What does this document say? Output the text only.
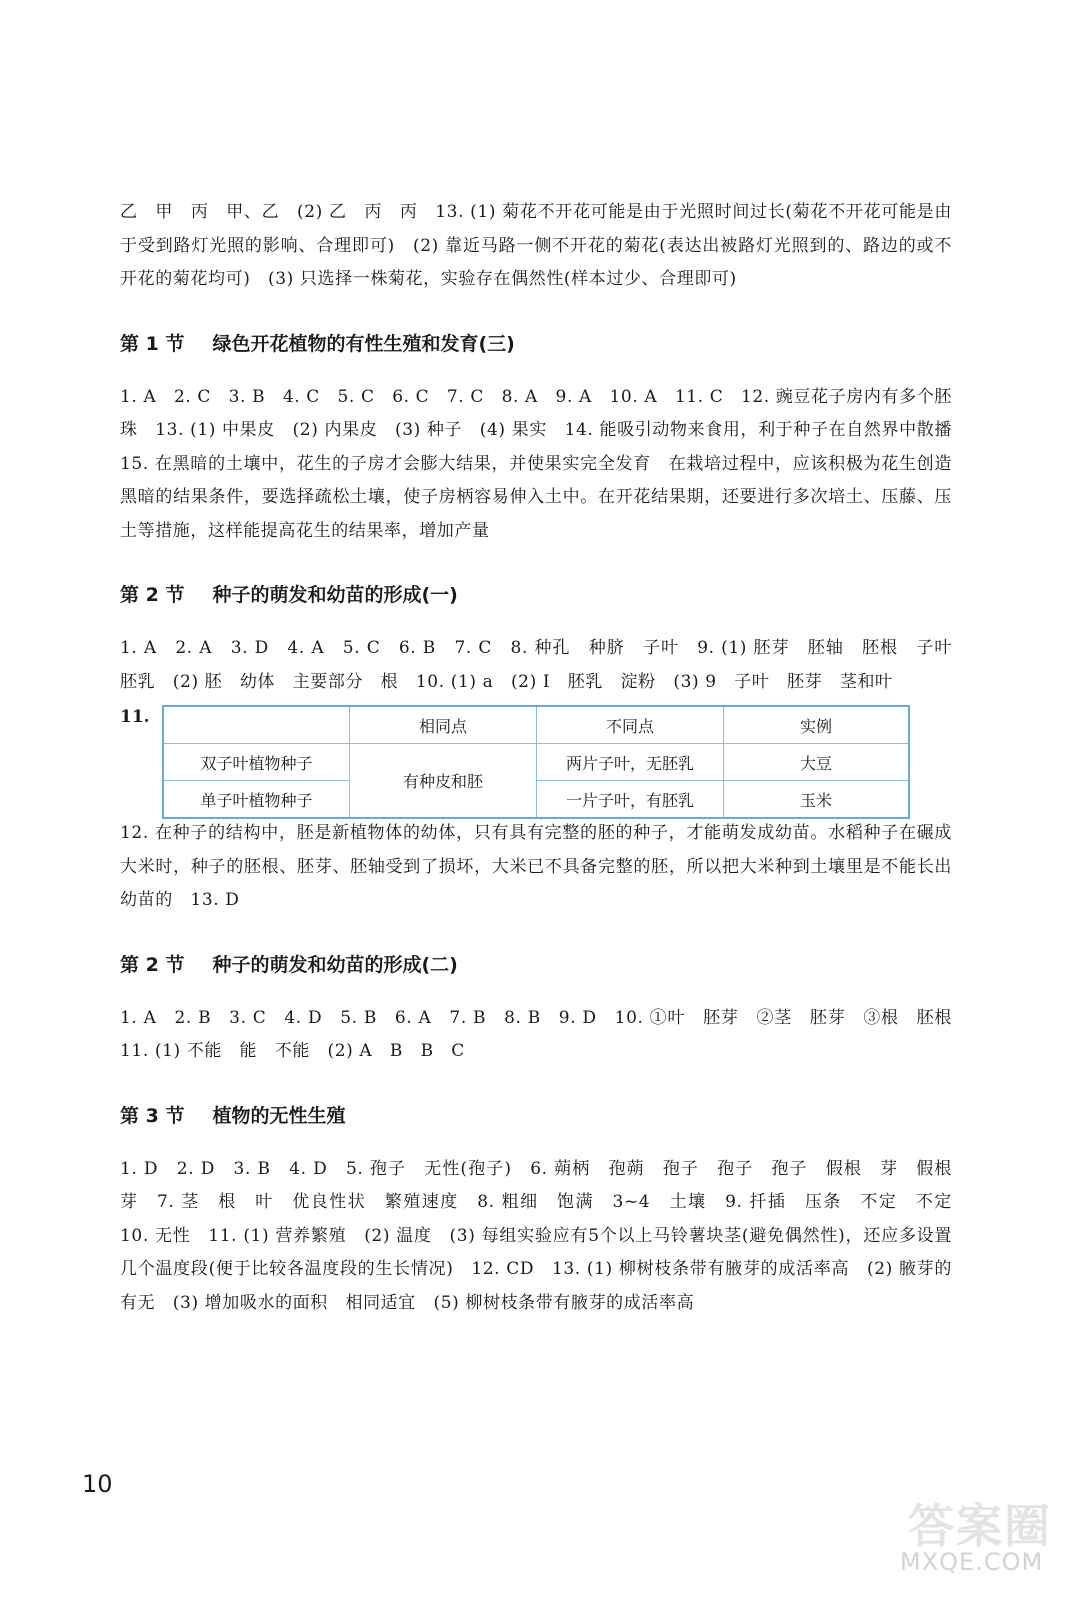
乙　甲　丙　甲、乙　(2) 乙　丙　丙　13. (1) 菊花不开花可能是由于光照时间过长(菊花不开花可能是由于受到路灯光照的影响、合理即可)　(2) 靠近马路一侧不开花的菊花(表达出被路灯光照到的、路边的或不开花的菊花均可)　(3) 只选择一株菊花，实验存在偶然性(样本过少、合理即可)

第 1 节 绿色开花植物的有性生殖和发育(三)

1. A　2. C　3. B　4. C　5. C　6. C　7. C　8. A　9. A　10. A　11. C　12. 豌豆花子房内有多个胚珠　13. (1) 中果皮　(2) 内果皮　(3) 种子　(4) 果实　14. 能吸引动物来食用，利于种子在自然界中散播　15. 在黑暗的土壤中，花生的子房才会膨大结果，并使果实完全发育　在栽培过程中，应该积极为花生创造黑暗的结果条件，要选择疏松土壤，使子房柄容易伸入土中。在开花结果期，还要进行多次培土、压藤、压土等措施，这样能提高花生的结果率，增加产量

第 2 节 种子的萌发和幼苗的形成(一)

1. A　2. A　3. D　4. A　5. C　6. B　7. C　8. 种孔　种脐　子叶　9. (1) 胚芽　胚轴　胚根　子叶　胚乳　(2) 胚　幼体　主要部分　根　10. (1) a　(2) I　胚乳　淀粉　(3) 9　子叶　胚芽　茎和叶

11.
		相同点	不同点	实例
双子叶植物种子	有种皮和胚	两片子叶，无胚乳	大豆
单子叶植物种子		一片子叶，有胚乳	玉米

12. 在种子的结构中，胚是新植物体的幼体，只有具有完整的胚的种子，才能萌发成幼苗。水稻种子在碾成大米时，种子的胚根、胚芽、胚轴受到了损坏，大米已不具备完整的胚，所以把大米种到土壤里是不能长出幼苗的　13. D

第 2 节 种子的萌发和幼苗的形成(二)

1. A　2. B　3. C　4. D　5. B　6. A　7. B　8. B　9. D　10. ①叶　胚芽　②茎　胚芽　③根　胚根　11. (1) 不能　能　不能　(2) A　B　B　C

第 3 节 植物的无性生殖

1. D　2. D　3. B　4. D　5. 孢子　无性(孢子)　6. 蒴柄　孢蒴　孢子　孢子　孢子　假根　芽　假根　芽　7. 茎　根　叶　优良性状　繁殖速度　8. 粗细　饱满　3~4　土壤　9. 扦插　压条　不定　不定　10. 无性　11. (1) 营养繁殖　(2) 温度　(3) 每组实验应有5个以上马铃薯块茎(避免偶然性)，还应多设置几个温度段(便于比较各温度段的生长情况)　12. CD　13. (1) 柳树枝条带有腋芽的成活率高　(2) 腋芽的有无　(3) 增加吸水的面积　相同适宜　(5) 柳树枝条带有腋芽的成活率高

10
答案圈
MXQE.COM
